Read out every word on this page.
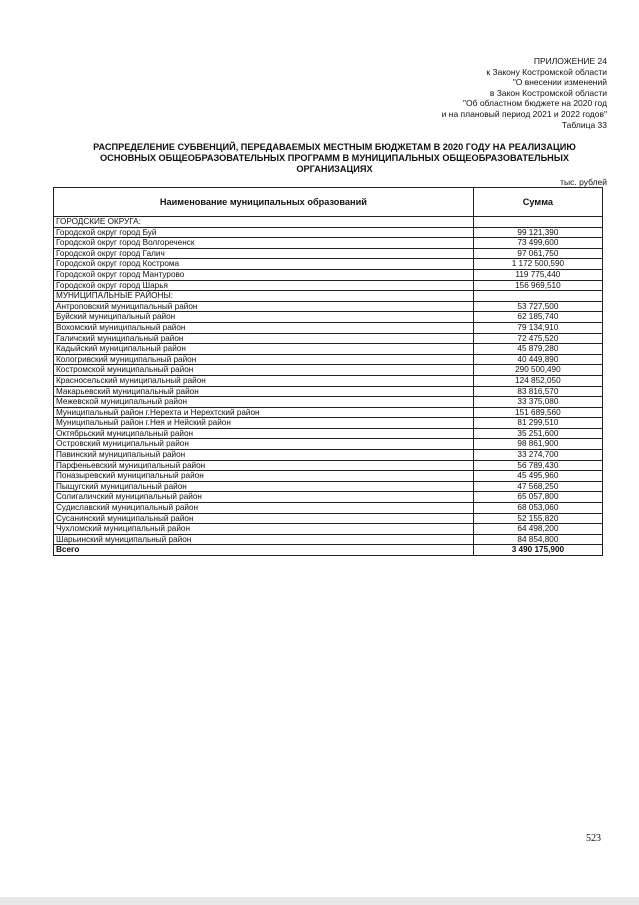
ПРИЛОЖЕНИЕ 24
к Закону Костромской области
"О внесении изменений
в Закон Костромской области
"Об областном бюджете на 2020 год
и на плановый период 2021 и 2022 годов"
Таблица 33
РАСПРЕДЕЛЕНИЕ СУБВЕНЦИЙ, ПЕРЕДАВАЕМЫХ МЕСТНЫМ БЮДЖЕТАМ В 2020 ГОДУ НА РЕАЛИЗАЦИЮ
ОСНОВНЫХ ОБЩЕОБРАЗОВАТЕЛЬНЫХ ПРОГРАММ В МУНИЦИПАЛЬНЫХ ОБЩЕОБРАЗОВАТЕЛЬНЫХ
ОРГАНИЗАЦИЯХ
тыс. рублей
Наименование муниципальных образований	Сумма
ГОРОДСКИЕ ОКРУГА:	
Городской округ город Буй	99 121,390
Городской округ город Волгореченск	73 499,600
Городской округ город Галич	97 061,750
Городской округ город Кострома	1 172 500,590
Городской округ город Мантурово	119 775,440
Городской округ город Шарья	156 969,510
МУНИЦИПАЛЬНЫЕ РАЙОНЫ:	
Антроповский муниципальный район	53 727,500
Буйский муниципальный район	62 185,740
Вохомский муниципальный район	79 134,910
Галичский муниципальный район	72 475,520
Кадыйский муниципальный район	45 879,280
Кологривский муниципальный район	40 449,890
Костромской муниципальный район	290 500,490
Красносельский муниципальный район	124 852,050
Макарьевский муниципальный район	83 816,570
Межевской муниципальный район	33 375,080
Муниципальный район г.Нерехта и Нерехтский район	151 689,560
Муниципальный район г.Нея и Нейский район	81 299,510
Октябрьский муниципальный район	35 251,600
Островский муниципальный район	98 861,900
Павинский муниципальный район	33 274,700
Парфеньевский муниципальный район	56 789,430
Поназыревский муниципальный район	45 495,960
Пыщугский муниципальный район	47 568,250
Солигаличский муниципальный район	65 057,800
Судиславский муниципальный район	68 053,060
Сусанинский муниципальный район	52 155,820
Чухломский муниципальный район	64 498,200
Шарьинский муниципальный район	84 854,800
Всего	3 490 175,900
523
